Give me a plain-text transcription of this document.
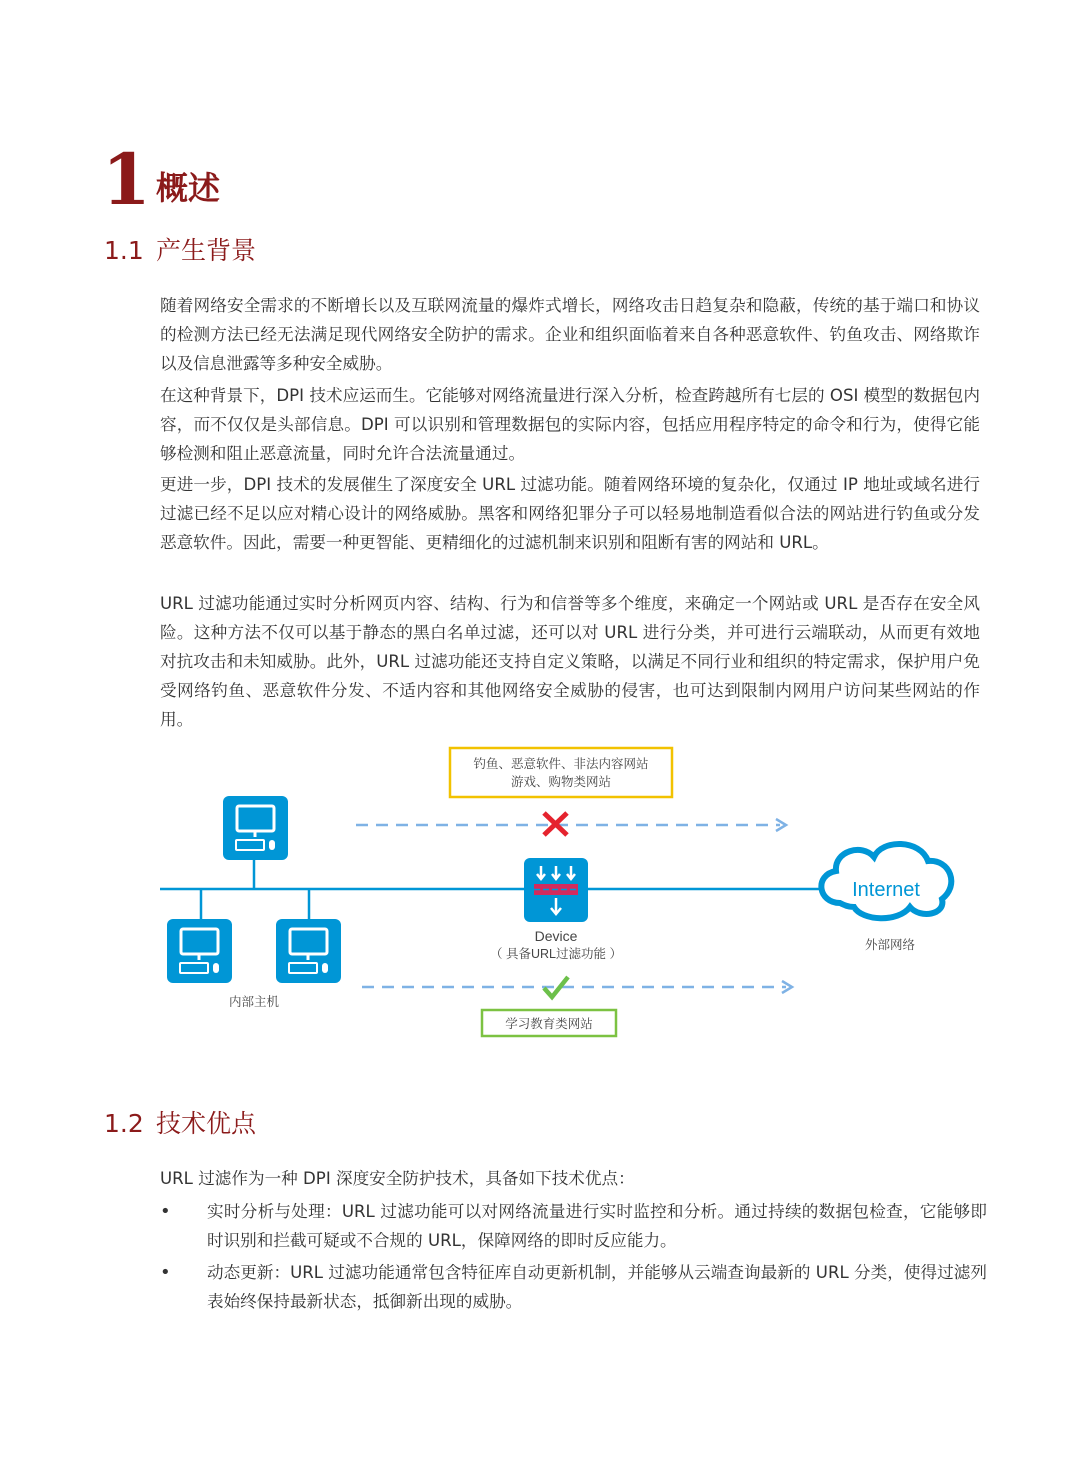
1 概述
1.1 产生背景

随着网络安全需求的不断增长以及互联网流量的爆炸式增长，网络攻击日趋复杂和隐蔽，传统的基于端口和协议的检测方法已经无法满足现代网络安全防护的需求。企业和组织面临着来自各种恶意软件、钓鱼攻击、网络欺诈以及信息泄露等多种安全威胁。

在这种背景下，DPI 技术应运而生。它能够对网络流量进行深入分析，检查跨越所有七层的 OSI 模型的数据包内容，而不仅仅是头部信息。DPI 可以识别和管理数据包的实际内容，包括应用程序特定的命令和行为，使得它能够检测和阻止恶意流量，同时允许合法流量通过。

更进一步，DPI 技术的发展催生了深度安全 URL 过滤功能。随着网络环境的复杂化，仅通过 IP 地址或域名进行过滤已经不足以应对精心设计的网络威胁。黑客和网络犯罪分子可以轻易地制造看似合法的网站进行钓鱼或分发恶意软件。因此，需要一种更智能、更精细化的过滤机制来识别和阻断有害的网站和 URL。

URL 过滤功能通过实时分析网页内容、结构、行为和信誉等多个维度，来确定一个网站或 URL 是否存在安全风险。这种方法不仅可以基于静态的黑白名单过滤，还可以对 URL 进行分类，并可进行云端联动，从而更有效地对抗攻击和未知威胁。此外，URL 过滤功能还支持自定义策略，以满足不同行业和组织的特定需求，保护用户免受网络钓鱼、恶意软件分发、不适内容和其他网络安全威胁的侵害，也可达到限制内网用户访问某些网站的作用。

钓鱼、恶意软件、非法内容网站
游戏、购物类网站
内部主机
Device
（ 具备URL过滤功能 ）
Internet
外部网络
学习教育类网站
1.2 技术优点

URL 过滤作为一种 DPI 深度安全防护技术，具备如下技术优点：

• 实时分析与处理：URL 过滤功能可以对网络流量进行实时监控和分析。通过持续的数据包检查，它能够即时识别和拦截可疑或不合规的 URL，保障网络的即时反应能力。
• 动态更新：URL 过滤功能通常包含特征库自动更新机制，并能够从云端查询最新的 URL 分类，使得过滤列表始终保持最新状态，抵御新出现的威胁。
